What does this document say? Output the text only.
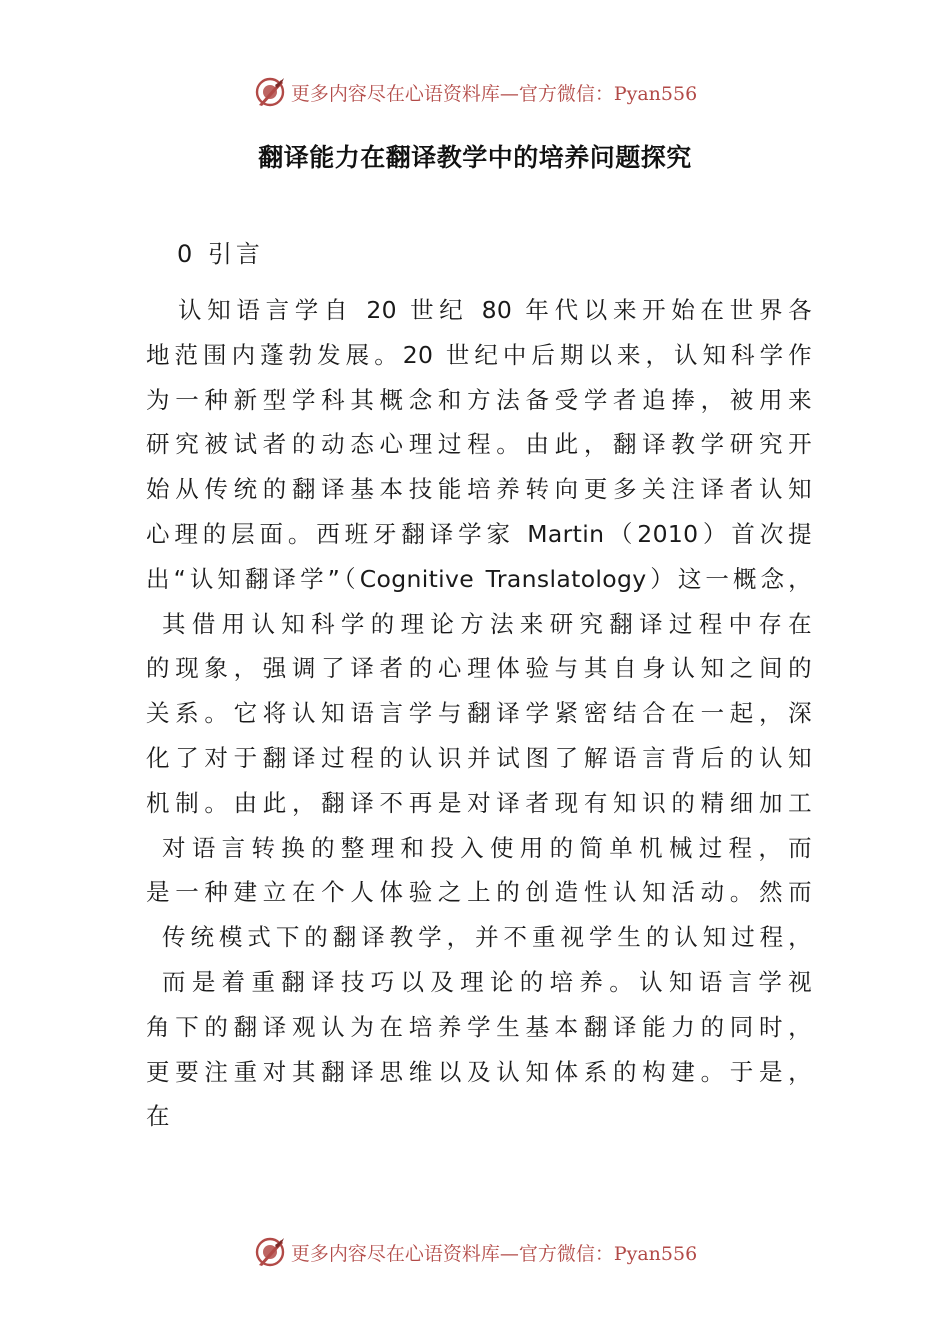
更多内容尽在心语资料库—官方微信：Pyan556
翻译能力在翻译教学中的培养问题探究
0 引言
认知语言学自 20 世纪 80 年代以来开始在世界各
地范围内蓬勃发展。20 世纪中后期以来，认知科学作
为一种新型学科其概念和方法备受学者追捧，被用来
研究被试者的动态心理过程。由此，翻译教学研究开
始从传统的翻译基本技能培养转向更多关注译者认知
心理的层面。西班牙翻译学家 Martin（2010）首次提
出“认知翻译学”（Cognitive Translatology）这一概念，
其借用认知科学的理论方法来研究翻译过程中存在
的现象，强调了译者的心理体验与其自身认知之间的
关系。它将认知语言学与翻译学紧密结合在一起，深
化了对于翻译过程的认识并试图了解语言背后的认知
机制。由此，翻译不再是对译者现有知识的精细加工
对语言转换的整理和投入使用的简单机械过程，而
是一种建立在个人体验之上的创造性认知活动。然而
传统模式下的翻译教学，并不重视学生的认知过程，
而是着重翻译技巧以及理论的培养。认知语言学视
角下的翻译观认为在培养学生基本翻译能力的同时，
更要注重对其翻译思维以及认知体系的构建。于是，
在
更多内容尽在心语资料库—官方微信：Pyan556
